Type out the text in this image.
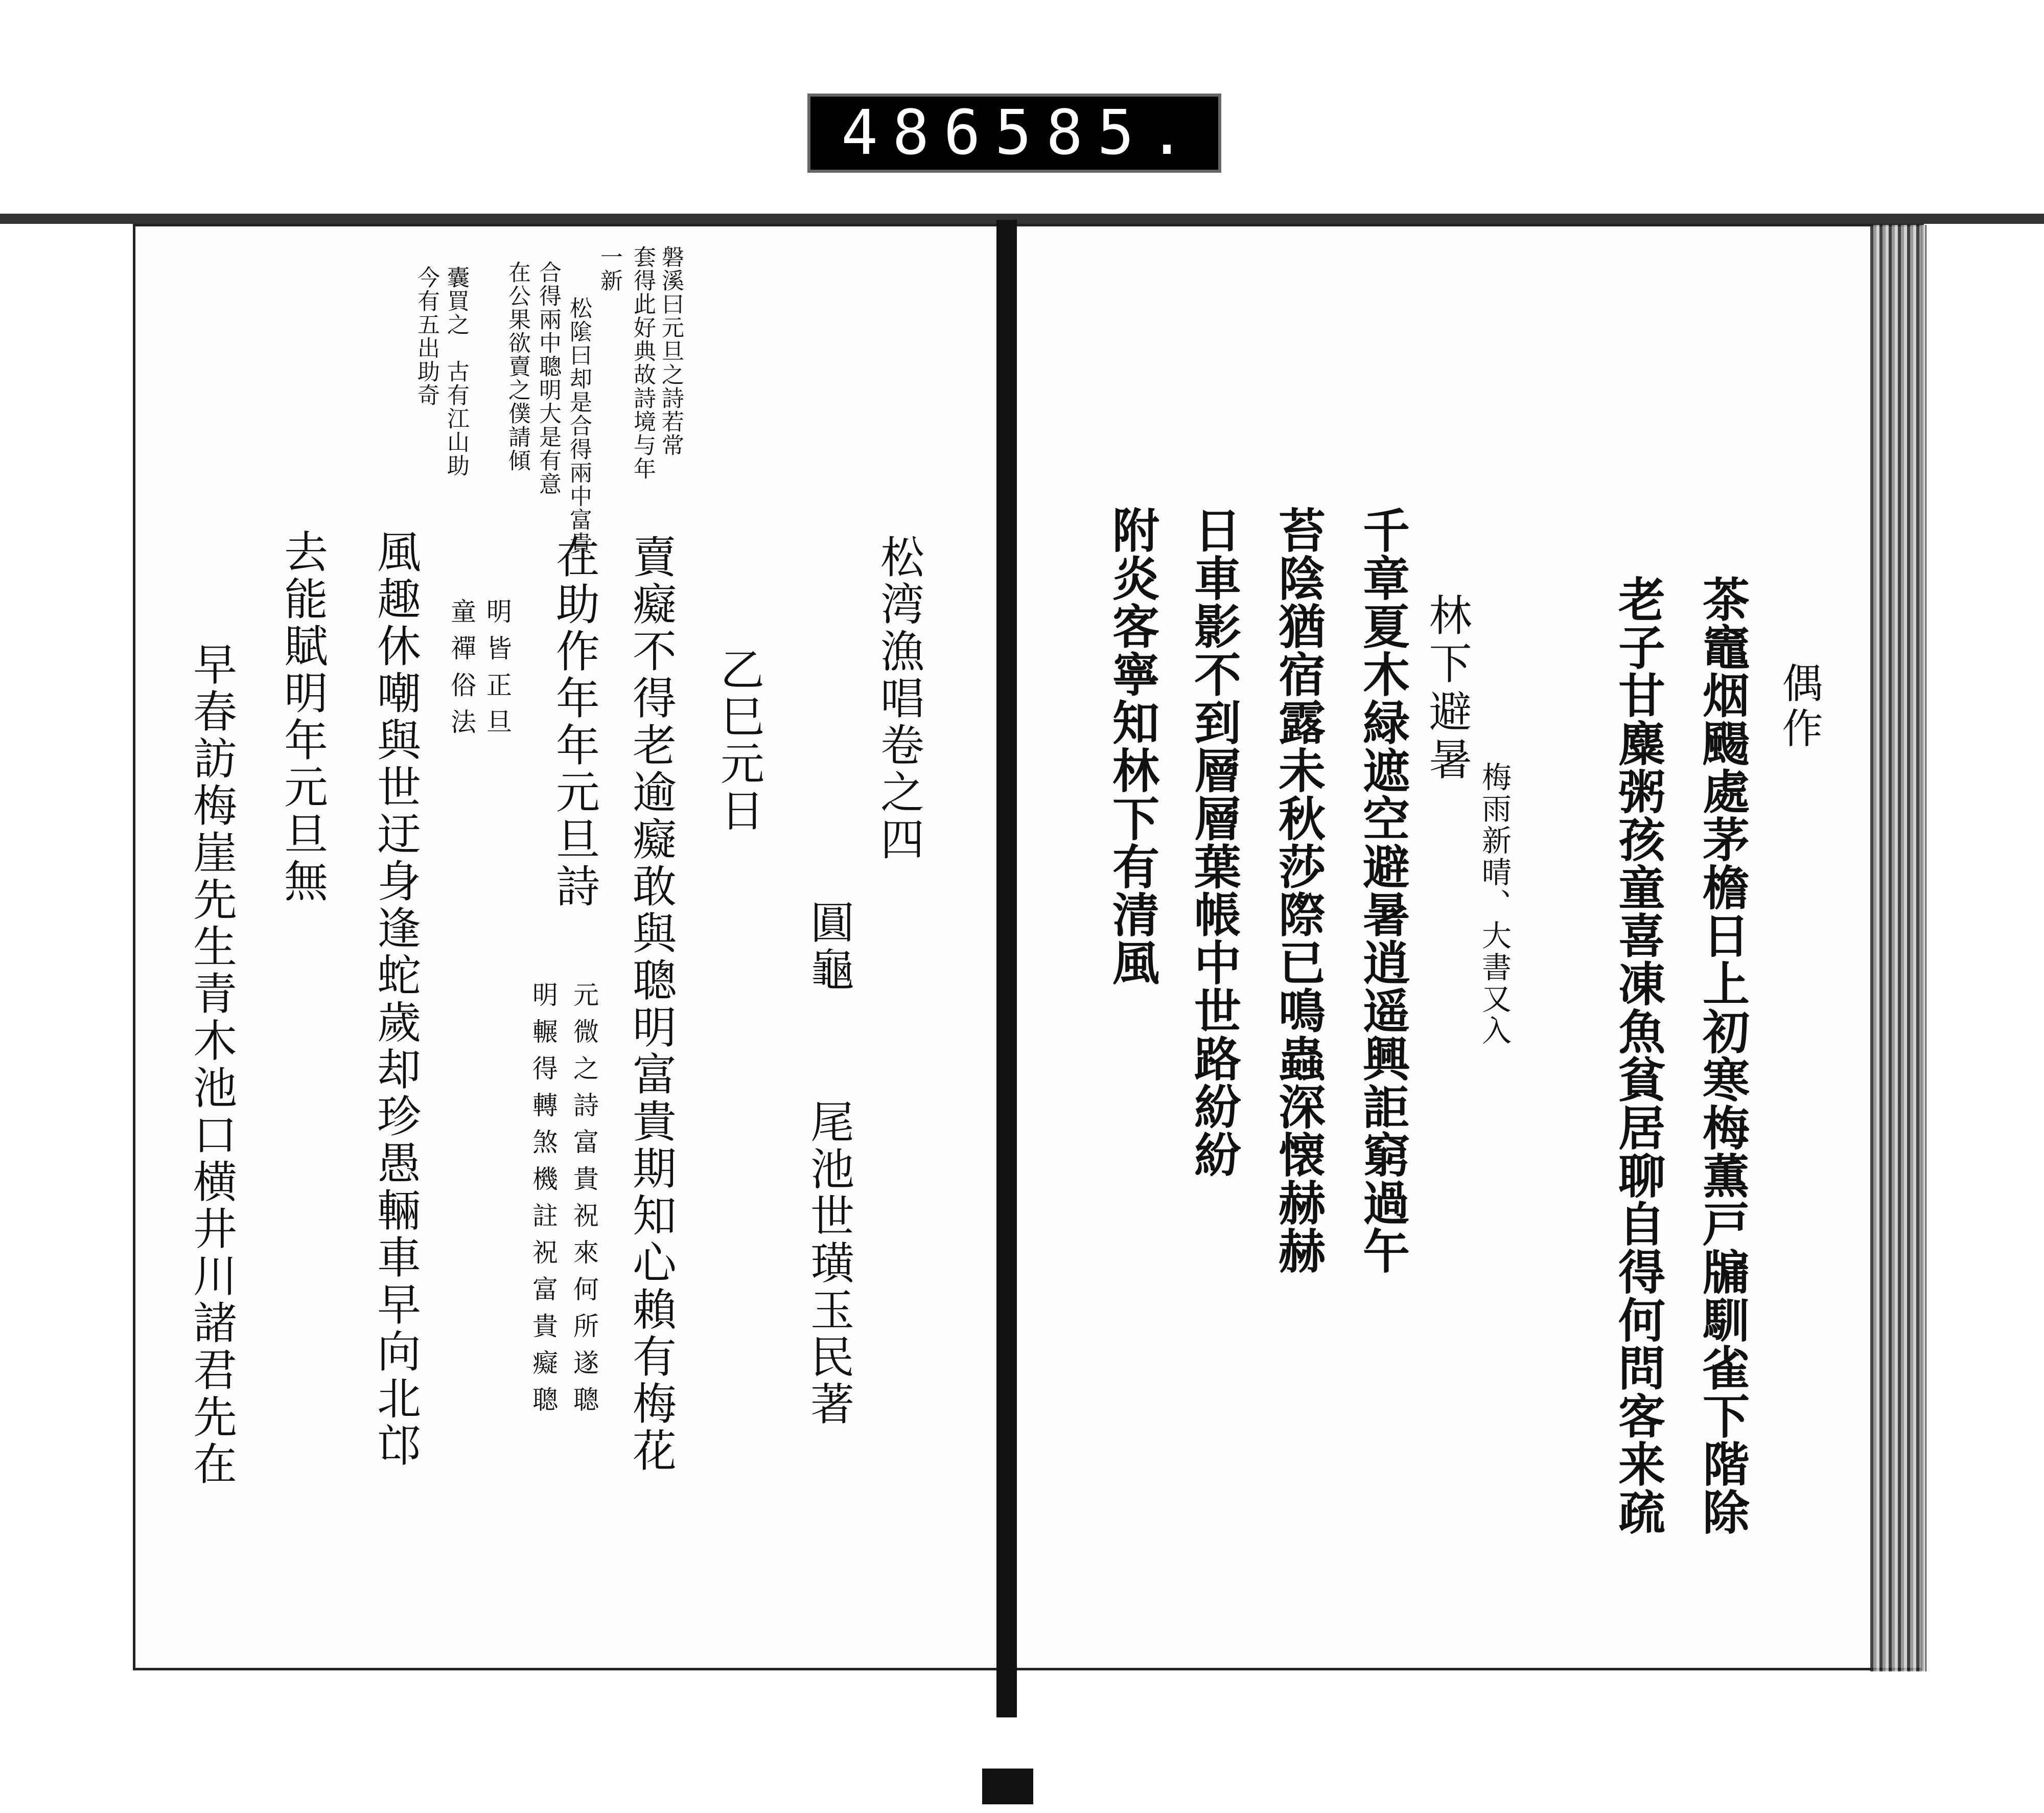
486 585.
松湾漁唱卷之四
圓龜
尾池世璜玉民著
乙巳元日
賣癡不得老逾癡敢與聰明富貴期知心賴有梅花
在助作年年元旦詩
元微之詩富貴祝來何所遂聰
明輾得轉煞機註祝富貴癡聰
明皆正旦
童禪俗法
風趣休嘲與世迂身逢蛇歲却珍愚輛車早向北邙
去能賦明年元旦無
早春訪梅崖先生青木池口横井川諸君先在
磐溪曰元旦之詩若常
套得此好典故詩境与年
一新
松隂曰却是合得兩中富貴
合得兩中聰明大是有意
在公果欲賣之僕請傾
囊買之　古有江山助
今有五出助奇
偶作
茶竈烟颺處茅檐日上初寒梅薫戸牖馴雀下階除
老子甘麋粥孩童喜凍魚貧居聊自得何問客来疏
林下避暑
梅雨新晴、大書又入
千章夏木緑遮空避暑逍遥興詎窮過午
苔陰猶宿露未秋莎際已鳴蟲深懐赫赫
日車影不到層層葉帳中世路紛紛
附炎客寧知林下有清風
